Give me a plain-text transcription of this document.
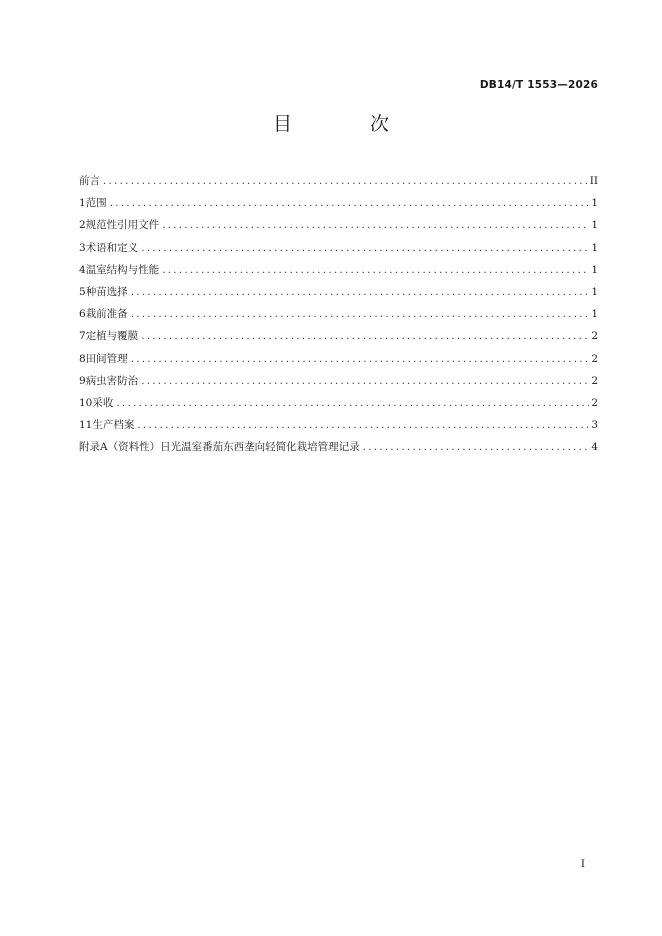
DB14/T 1553—2026
目 次
前言 .....	II
1 范围 .....	1
2 规范性引用文件 .....	1
3 术语和定义 .....	1
4 温室结构与性能 .....	1
5 种苗选择 .....	1
6 栽前准备 .....	1
7 定植与覆膜 .....	2
8 田间管理 .....	2
9 病虫害防治 .....	2
10 采收 .....	2
11 生产档案 .....	3
附录A（资料性） 日光温室番茄东西垄向轻简化栽培管理记录 .....	4
I
